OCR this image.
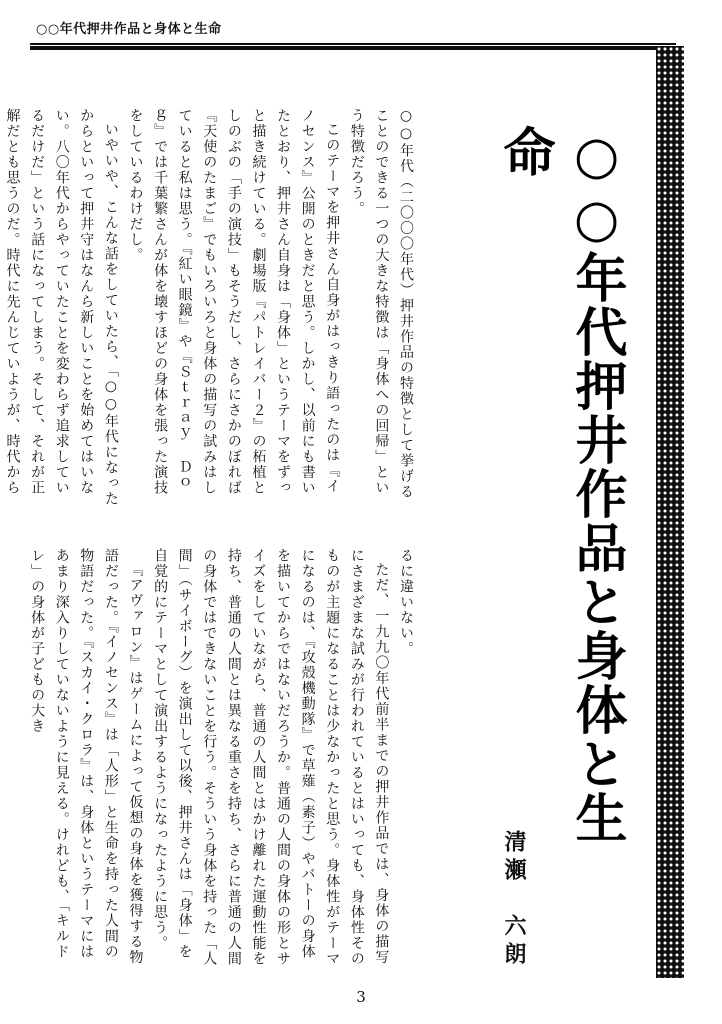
○○年代押井作品と身体と生命
○○年代押井作品と身体と生命
清瀬　六朗

○○年代（二〇〇〇年代）押井作品の特徴として挙げることのできる一つの大きな特徴は「身体への回帰」という特徴だろう。

このテーマを押井さん自身がはっきり語ったのは『イノセンス』公開のときだと思う。しかし、以前にも書いたとおり、押井さん自身は「身体」というテーマをずっと描き続けている。劇場版『パトレイバー２』の柘植としのぶの「手の演技」もそうだし、さらにさかのぼれば『天使のたまご』でもいろいろと身体の描写の試みはしていると私は思う。『紅い眼鏡』や『Ｓｔｒａｙ Ｄｏｇ』では千葉繁さんが体を壊すほどの身体を張った演技をしているわけだし。

いやいや、こんな話をしていたら、「○○年代になったからといって押井守はなんら新しいことを始めてはいない。八〇年代からやっていたことを変わらず追求しているだけだ」という話になってしまう。そして、それが正解だとも思うのだ。時代に先んじていようが、時代から

るに違いない。

ただ、一九九〇年代前半までの押井作品では、身体の描写にさまざまな試みが行われているとはいっても、身体性そのものが主題になることは少なかったと思う。身体性がテーマになるのは、『攻殻機動隊』で草薙（素子）やバトーの身体を描いてからではないだろうか。普通の人間の身体の形とサイズをしていながら、普通の人間とはかけ離れた運動性能を持ち、普通の人間とは異なる重さを持ち、さらに普通の人間の身体ではできないことを行う。そういう身体を持った「人間」（サイボーグ）を演出して以後、押井さんは「身体」を自覚的にテーマとして演出するようになったように思う。

『アヴァロン』はゲームによって仮想の身体を獲得する物語だった。『イノセンス』は「人形」と生命を持った人間の物語だった。『スカイ・クロラ』は、身体というテーマにはあまり深入りしていないように見える。けれども、「キルドレ」の身体が子どもの大き

3
